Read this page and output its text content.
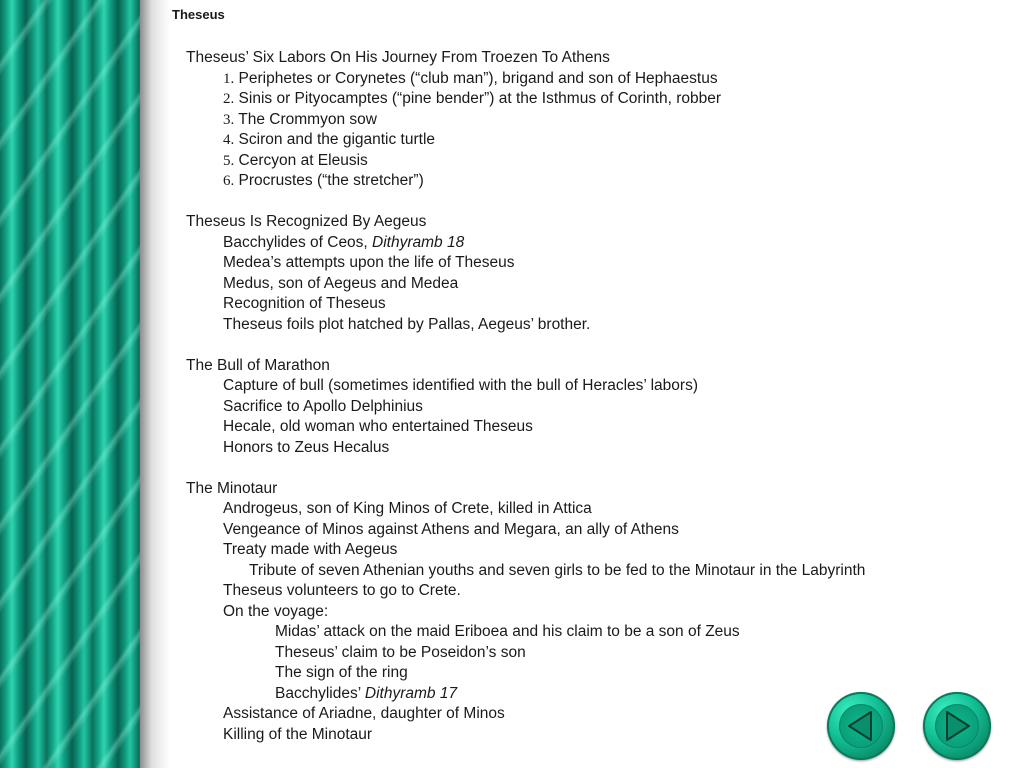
Theseus
Theseus’ Six Labors On His Journey From Troezen To Athens
1. Periphetes or Corynetes (“club man”), brigand and son of Hephaestus
2. Sinis or Pityocamptes (“pine bender”) at the Isthmus of Corinth, robber
3. The Crommyon sow
4. Sciron and the gigantic turtle
5. Cercyon at Eleusis
6. Procrustes (“the stretcher”)
Theseus Is Recognized By Aegeus
Bacchylides of Ceos, Dithyramb 18
Medea’s attempts upon the life of Theseus
Medus, son of Aegeus and Medea
Recognition of Theseus
Theseus foils plot hatched by Pallas, Aegeus’ brother.
The Bull of Marathon
Capture of bull (sometimes identified with the bull of Heracles’ labors)
Sacrifice to Apollo Delphinius
Hecale, old woman who entertained Theseus
Honors to Zeus Hecalus
The Minotaur
Androgeus, son of King Minos of Crete, killed in Attica
Vengeance of Minos against Athens and Megara, an ally of Athens
Treaty made with Aegeus
Tribute of seven Athenian youths and seven girls to be fed to the Minotaur in the Labyrinth
Theseus volunteers to go to Crete.
On the voyage:
Midas’ attack on the maid Eriboea and his claim to be a son of Zeus
Theseus’ claim to be Poseidon’s son
The sign of the ring
Bacchylides’ Dithyramb 17
Assistance of Ariadne, daughter of Minos
Killing of the Minotaur
